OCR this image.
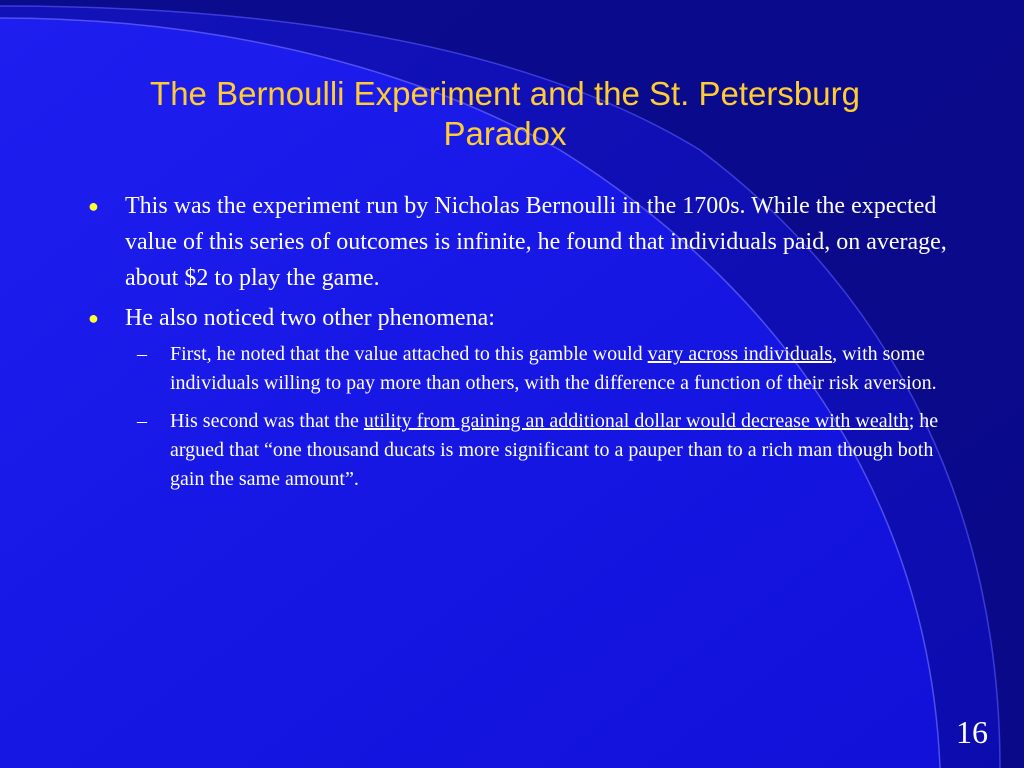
The Bernoulli Experiment and the St. Petersburg Paradox
● This was the experiment run by Nicholas Bernoulli in the 1700s. While the expected value of this series of outcomes is infinite, he found that individuals paid, on average, about $2 to play the game.
● He also noticed two other phenomena:
– First, he noted that the value attached to this gamble would vary across individuals, with some individuals willing to pay more than others, with the difference a function of their risk aversion.
– His second was that the utility from gaining an additional dollar would decrease with wealth; he argued that “one thousand ducats is more significant to a pauper than to a rich man though both gain the same amount”.
16
